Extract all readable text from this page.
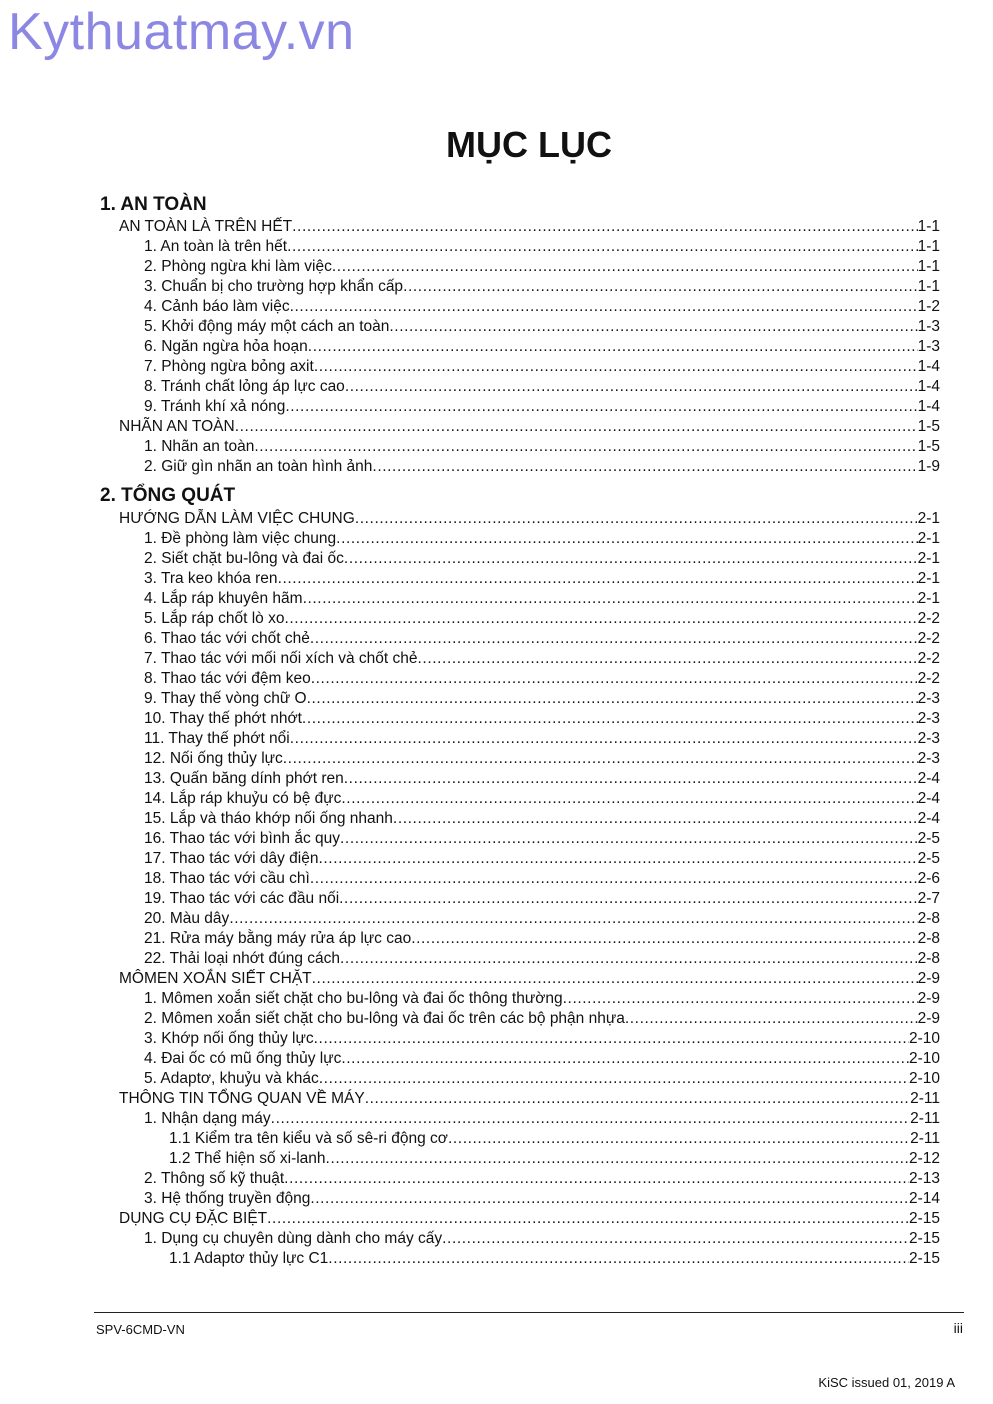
Kythuatmay.vn
MỤC LỤC
1. AN TOÀN
AN TOÀN LÀ TRÊN HẾT .....	1-1
1. An toàn là trên hết .....	1-1
2. Phòng ngừa khi làm việc .....	1-1
3. Chuẩn bị cho trường hợp khẩn cấp .....	1-1
4. Cảnh báo làm việc .....	1-2
5. Khởi động máy một cách an toàn .....	1-3
6. Ngăn ngừa hỏa hoạn .....	1-3
7. Phòng ngừa bỏng axit .....	1-4
8. Tránh chất lỏng áp lực cao .....	1-4
9. Tránh khí xả nóng .....	1-4
NHÃN AN TOÀN .....	1-5
1. Nhãn an toàn .....	1-5
2. Giữ gìn nhãn an toàn hình ảnh .....	1-9
2. TỔNG QUÁT
HƯỚNG DẪN LÀM VIỆC CHUNG .....	2-1
1. Đề phòng làm việc chung .....	2-1
2. Siết chặt bu-lông và đai ốc .....	2-1
3. Tra keo khóa ren .....	2-1
4. Lắp ráp khuyên hãm .....	2-1
5. Lắp ráp chốt lò xo .....	2-2
6. Thao tác với chốt chẻ .....	2-2
7. Thao tác với mối nối xích và chốt chẻ .....	2-2
8. Thao tác với đệm keo .....	2-2
9. Thay thế vòng chữ O .....	2-3
10. Thay thế phớt nhớt .....	2-3
11. Thay thế phớt nổi .....	2-3
12. Nối ống thủy lực .....	2-3
13. Quấn băng dính phớt ren .....	2-4
14. Lắp ráp khuỷu có bệ đực .....	2-4
15. Lắp và tháo khớp nối ống nhanh .....	2-4
16. Thao tác với bình ắc quy .....	2-5
17. Thao tác với dây điện .....	2-5
18. Thao tác với cầu chì .....	2-6
19. Thao tác với các đầu nối .....	2-7
20. Màu dây .....	2-8
21. Rửa máy bằng máy rửa áp lực cao .....	2-8
22. Thải loại nhớt đúng cách .....	2-8
MÔMEN XOẮN SIẾT CHẶT .....	2-9
1. Mômen xoắn siết chặt cho bu-lông và đai ốc thông thường .....	2-9
2. Mômen xoắn siết chặt cho bu-lông và đai ốc trên các bộ phận nhựa .....	2-9
3. Khớp nối ống thủy lực .....	2-10
4. Đai ốc có mũ ống thủy lực .....	2-10
5. Adaptơ, khuỷu và khác .....	2-10
THÔNG TIN TỔNG QUAN VỀ MÁY .....	2-11
1. Nhận dạng máy .....	2-11
1.1 Kiểm tra tên kiểu và số sê-ri động cơ .....	2-11
1.2 Thể hiện số xi-lanh .....	2-12
2. Thông số kỹ thuật .....	2-13
3. Hệ thống truyền động .....	2-14
DỤNG CỤ ĐẶC BIỆT .....	2-15
1. Dụng cụ chuyên dùng dành cho máy cấy .....	2-15
1.1 Adaptơ thủy lực C1 .....	2-15
SPV-6CMD-VN	iii
KiSC issued 01, 2019 A
